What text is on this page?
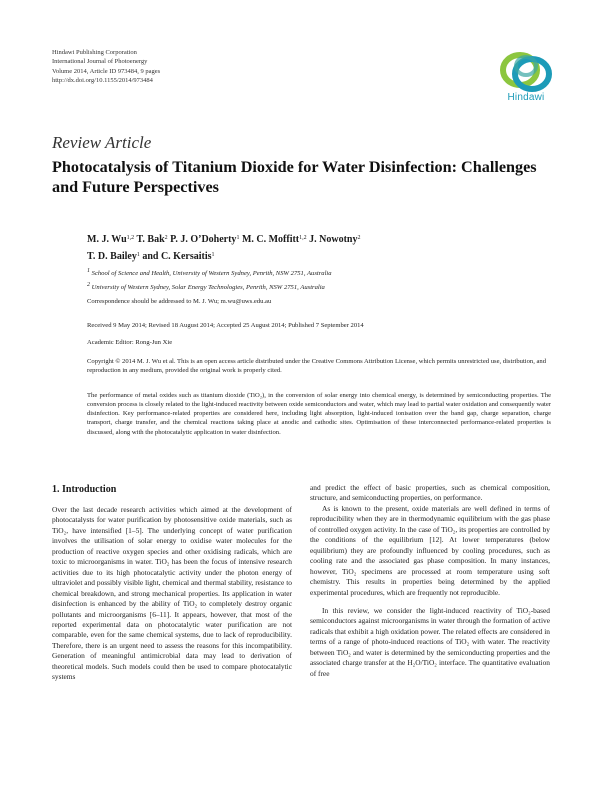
Hindawi Publishing Corporation
International Journal of Photoenergy
Volume 2014, Article ID 973484, 9 pages
http://dx.doi.org/10.1155/2014/973484
Hindawi
Review Article
Photocatalysis of Titanium Dioxide for Water Disinfection: Challenges and Future Perspectives
M. J. Wu$^{1,2}$ T. Bak$^2$ P. J. O’Doherty$^1$ M. C. Moffitt$^{1,2}$ J. Nowotny$^2$
T. D. Bailey$^1$ and C. Kersaitis$^1$
$^1$ School of Science and Health, University of Western Sydney, Penrith, NSW 2751, Australia
$^2$ University of Western Sydney, Solar Energy Technologies, Penrith, NSW 2751, Australia
Correspondence should be addressed to M. J. Wu; m.wu@uws.edu.au
Received 9 May 2014; Revised 18 August 2014; Accepted 25 August 2014; Published 7 September 2014
Academic Editor: Rong-Jun Xie
Copyright © 2014 M. J. Wu et al. This is an open access article distributed under the Creative Commons Attribution License, which permits unrestricted use, distribution, and reproduction in any medium, provided the original work is properly cited.
The performance of metal oxides such as titanium dioxide (TiO₂), in the conversion of solar energy into chemical energy, is determined by semiconducting properties. The conversion process is closely related to the light-induced reactivity between oxide semiconductors and water, which may lead to partial water oxidation and consequently water disinfection. Key performance-related properties are considered here, including light absorption, light-induced ionisation over the band gap, charge separation, charge transport, charge transfer, and the chemical reactions taking place at anodic and cathodic sites. Optimisation of these interconnected performance-related properties is discussed, along with the photocatalytic application in water disinfection.
1. Introduction

Over the last decade research activities which aimed at the development of photocatalysts for water purification by photosensitive oxide materials, such as TiO₂, have intensified [1–5]. The underlying concept of water purification involves the utilisation of solar energy to oxidise water molecules for the production of reactive oxygen species and other oxidising radicals, which are toxic to microorganisms in water. TiO₂ has been the focus of intensive research activities due to its high photocatalytic activity under the photon energy of ultraviolet and possibly visible light, chemical and thermal stability, resistance to chemical breakdown, and strong mechanical properties. Its application in water disinfection is enhanced by the ability of TiO₂ to completely destroy organic pollutants and microorganisms [6–11]. It appears, however, that most of the reported experimental data on photocatalytic water purification are not comparable, even for the same chemical systems, due to lack of reproducibility. Therefore, there is an urgent need to assess the reasons for this incompatibility. Generation of meaningful antimicrobial data may lead to derivation of theoretical models. Such models could then be used to compare photocatalytic systems

and predict the effect of basic properties, such as chemical composition, structure, and semiconducting properties, on performance.

As is known to the present, oxide materials are well defined in terms of reproducibility when they are in thermodynamic equilibrium with the gas phase of controlled oxygen activity. In the case of TiO₂, its properties are controlled by the conditions of the equilibrium [12]. At lower temperatures (below equilibrium) they are profoundly influenced by cooling procedures, such as cooling rate and the associated gas phase composition. In many instances, however, TiO₂ specimens are processed at room temperature using soft chemistry. This results in properties being determined by the applied experimental procedures, which are frequently not reproducible.

In this review, we consider the light-induced reactivity of TiO₂-based semiconductors against microorganisms in water through the formation of active radicals that exhibit a high oxidation power. The related effects are considered in terms of a range of photo-induced reactions of TiO₂ with water. The reactivity between TiO₂ and water is determined by the semiconducting properties and the associated charge transfer at the H₂O/TiO₂ interface. The quantitative evaluation of free
